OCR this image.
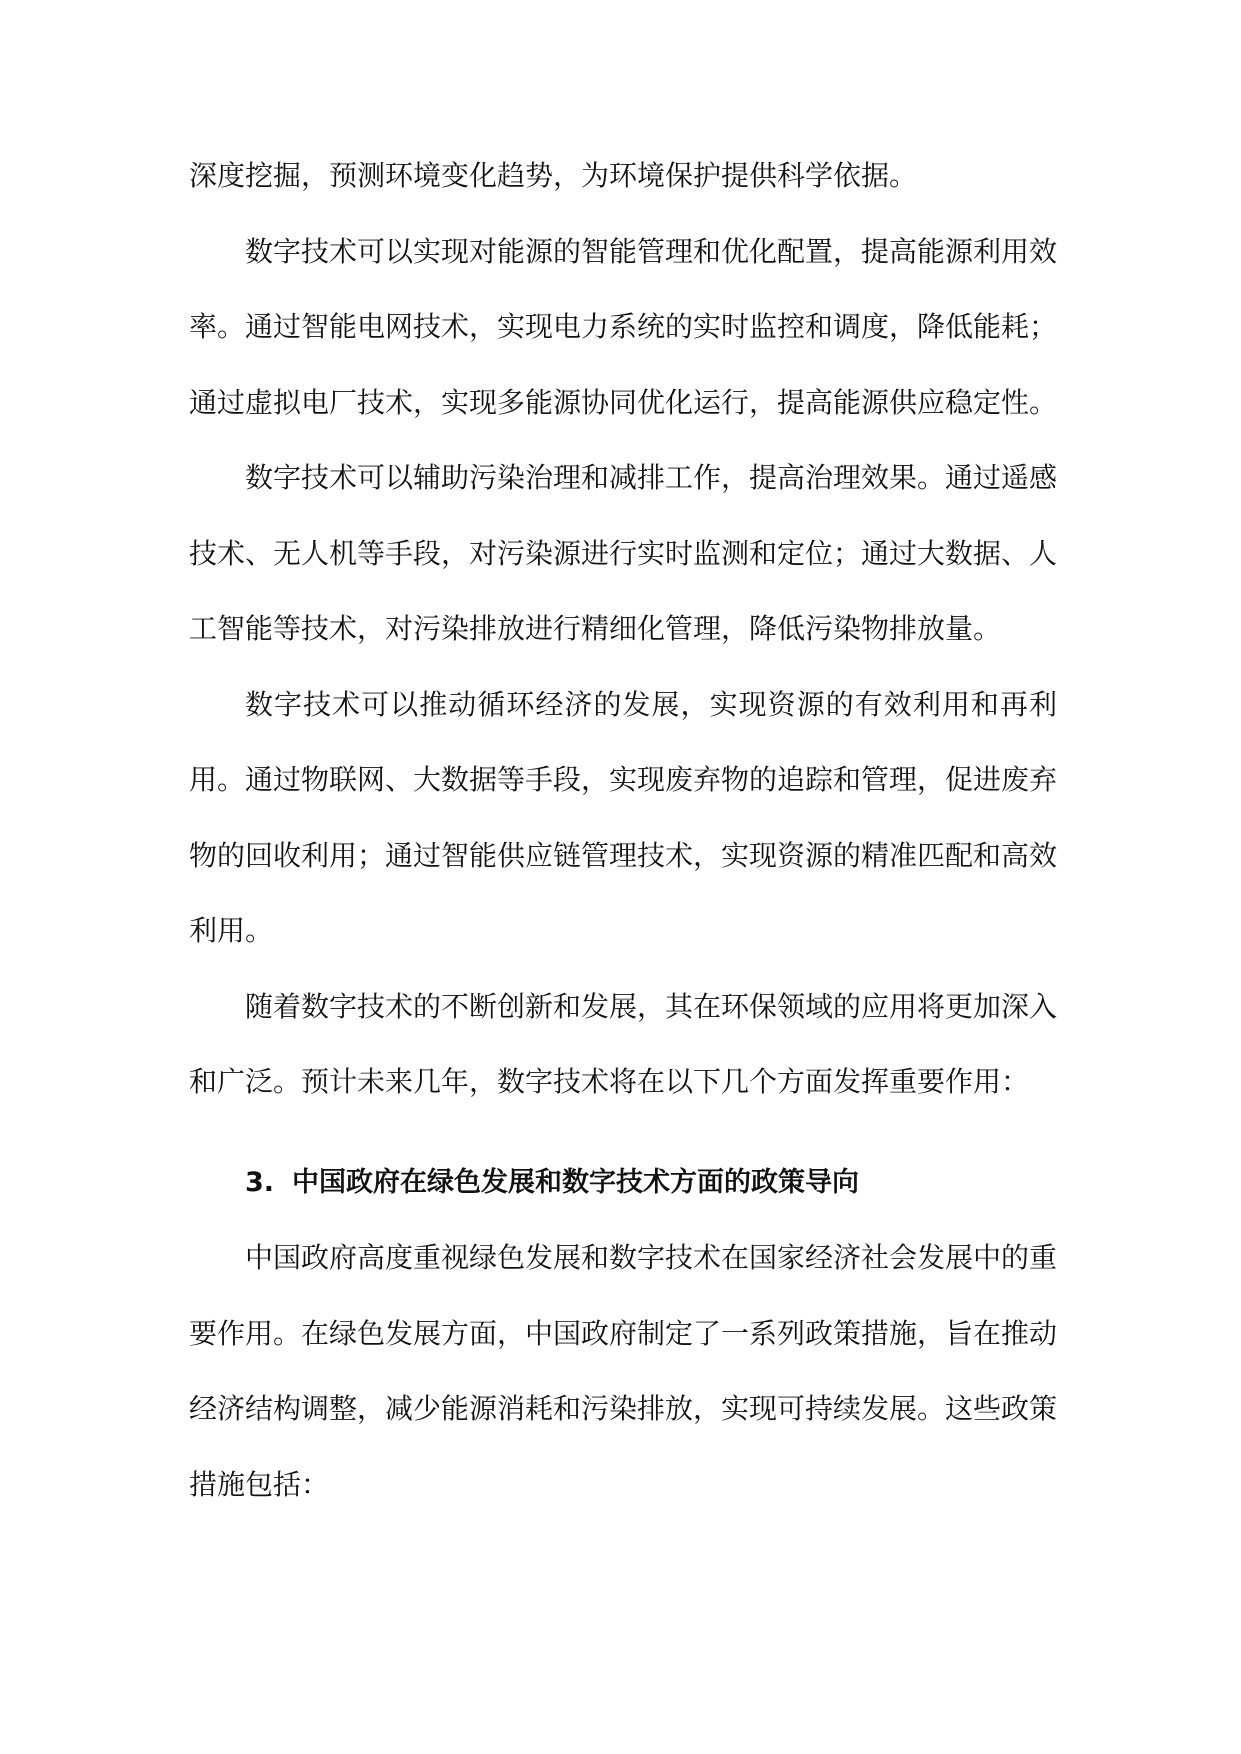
深度挖掘，预测环境变化趋势，为环境保护提供科学依据。

数字技术可以实现对能源的智能管理和优化配置，提高能源利用效率。通过智能电网技术，实现电力系统的实时监控和调度，降低能耗；通过虚拟电厂技术，实现多能源协同优化运行，提高能源供应稳定性。

数字技术可以辅助污染治理和减排工作，提高治理效果。通过遥感技术、无人机等手段，对污染源进行实时监测和定位；通过大数据、人工智能等技术，对污染排放进行精细化管理，降低污染物排放量。

数字技术可以推动循环经济的发展，实现资源的有效利用和再利用。通过物联网、大数据等手段，实现废弃物的追踪和管理，促进废弃物的回收利用；通过智能供应链管理技术，实现资源的精准匹配和高效利用。

随着数字技术的不断创新和发展，其在环保领域的应用将更加深入和广泛。预计未来几年，数字技术将在以下几个方面发挥重要作用：

3. 中国政府在绿色发展和数字技术方面的政策导向

中国政府高度重视绿色发展和数字技术在国家经济社会发展中的重要作用。在绿色发展方面，中国政府制定了一系列政策措施，旨在推动经济结构调整，减少能源消耗和污染排放，实现可持续发展。这些政策措施包括：
